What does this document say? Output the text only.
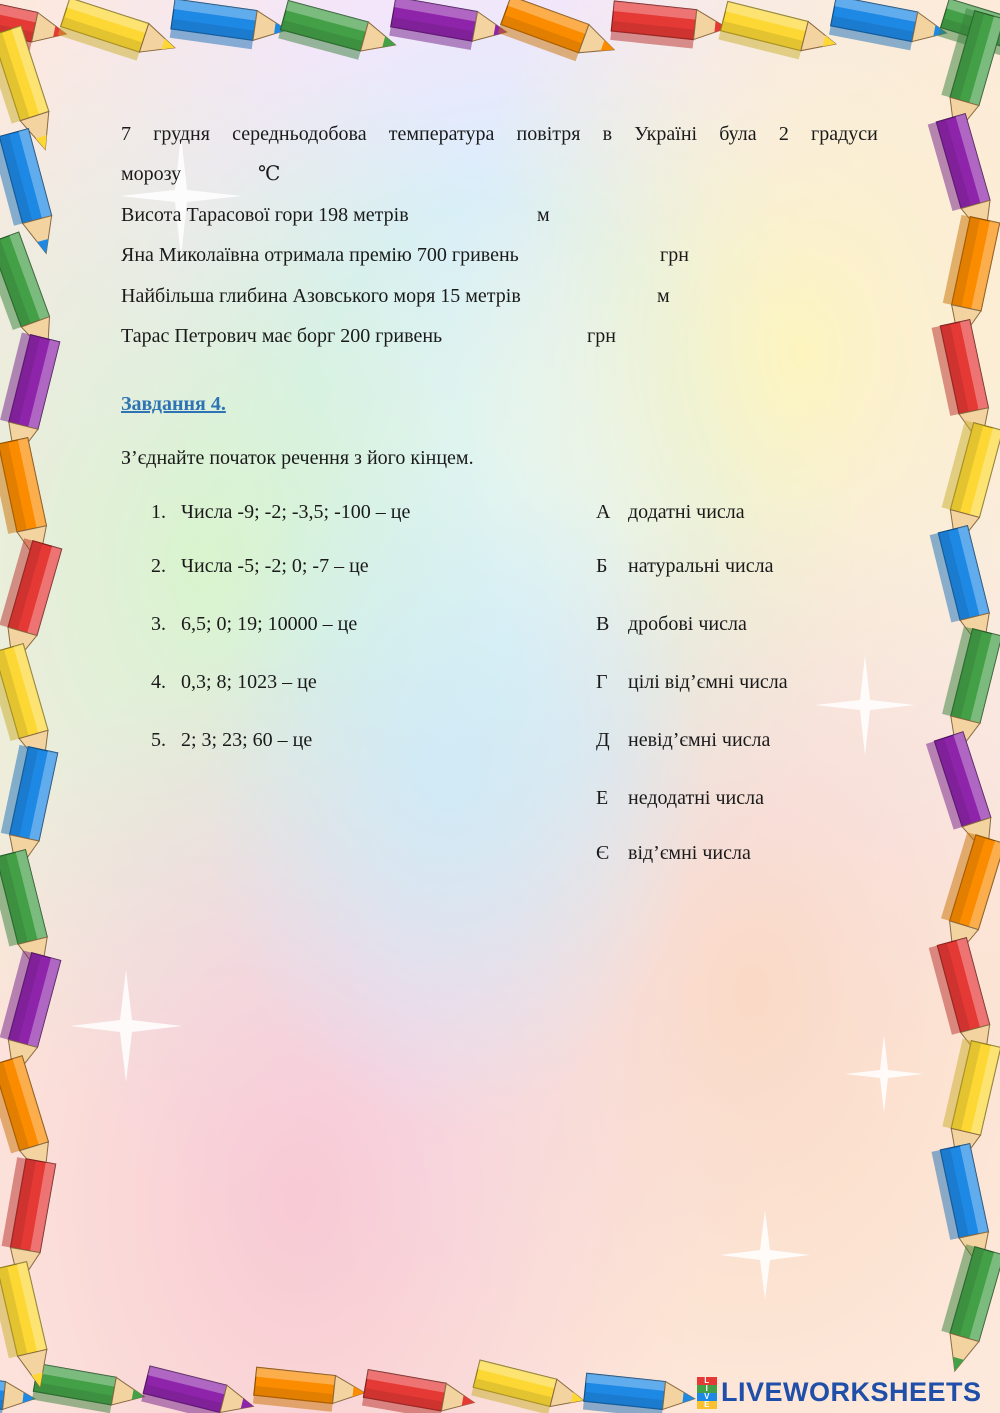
7 грудня середньодобова температура повітря в Україні була 2 градуси
морозу	℃
Висота Тарасової гори 198 метрів	м
Яна Миколаївна отримала премію 700 гривень	грн
Найбільша глибина Азовського моря 15 метрів	м
Тарас Петрович має борг 200 гривень	грн
Завдання 4.
З’єднайте початок речення з його кінцем.
1. Числа -9; -2; -3,5; -100 – це
2. Числа -5; -2; 0; -7 – це
3. 6,5; 0; 19; 10000 – це
4. 0,3; 8; 1023 – це
5. 2; 3; 23; 60 – це
А додатні числа
Б натуральні числа
В дробові числа
Г цілі від’ємні числа
Д невід’ємні числа
Е недодатні числа
Є від’ємні числа
L
I
V
E LIVEWORKSHEETS
